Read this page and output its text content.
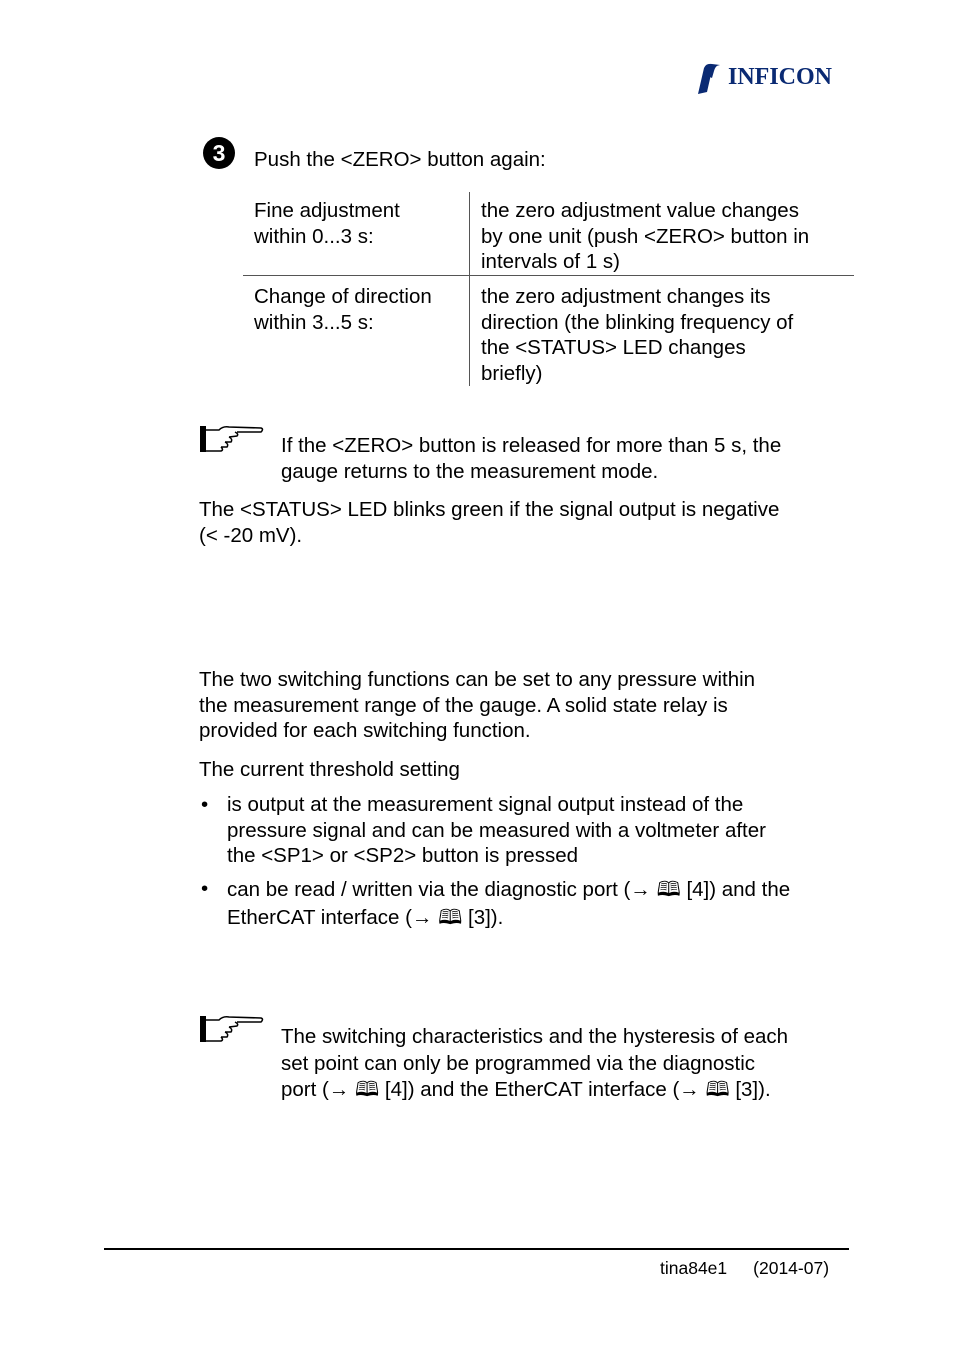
INFICON
3	Push the <ZERO> button again:
Fine adjustment
within 0...3 s:
the zero adjustment value changes
by one unit (push <ZERO> button in
intervals of 1 s)
Change of direction
within 3...5 s:
the zero adjustment changes its
direction (the blinking frequency of
the <STATUS> LED changes
briefly)
If the <ZERO> button is released for more than 5 s, the
gauge returns to the measurement mode.
The <STATUS> LED blinks green if the signal output is negative
(< -20 mV).
The two switching functions can be set to any pressure within
the measurement range of the gauge. A solid state relay is
provided for each switching function.
The current threshold setting
• is output at the measurement signal output instead of the
pressure signal and can be measured with a voltmeter after
the <SP1> or <SP2> button is pressed
• can be read / written via the diagnostic port (→ 🕮 [4]) and the
EtherCAT interface (→ 🕮 [3]).
The switching characteristics and the hysteresis of each
set point can only be programmed via the diagnostic
port (→ 🕮 [4]) and the EtherCAT interface (→ 🕮 [3]).
tina84e1 (2014-07)
